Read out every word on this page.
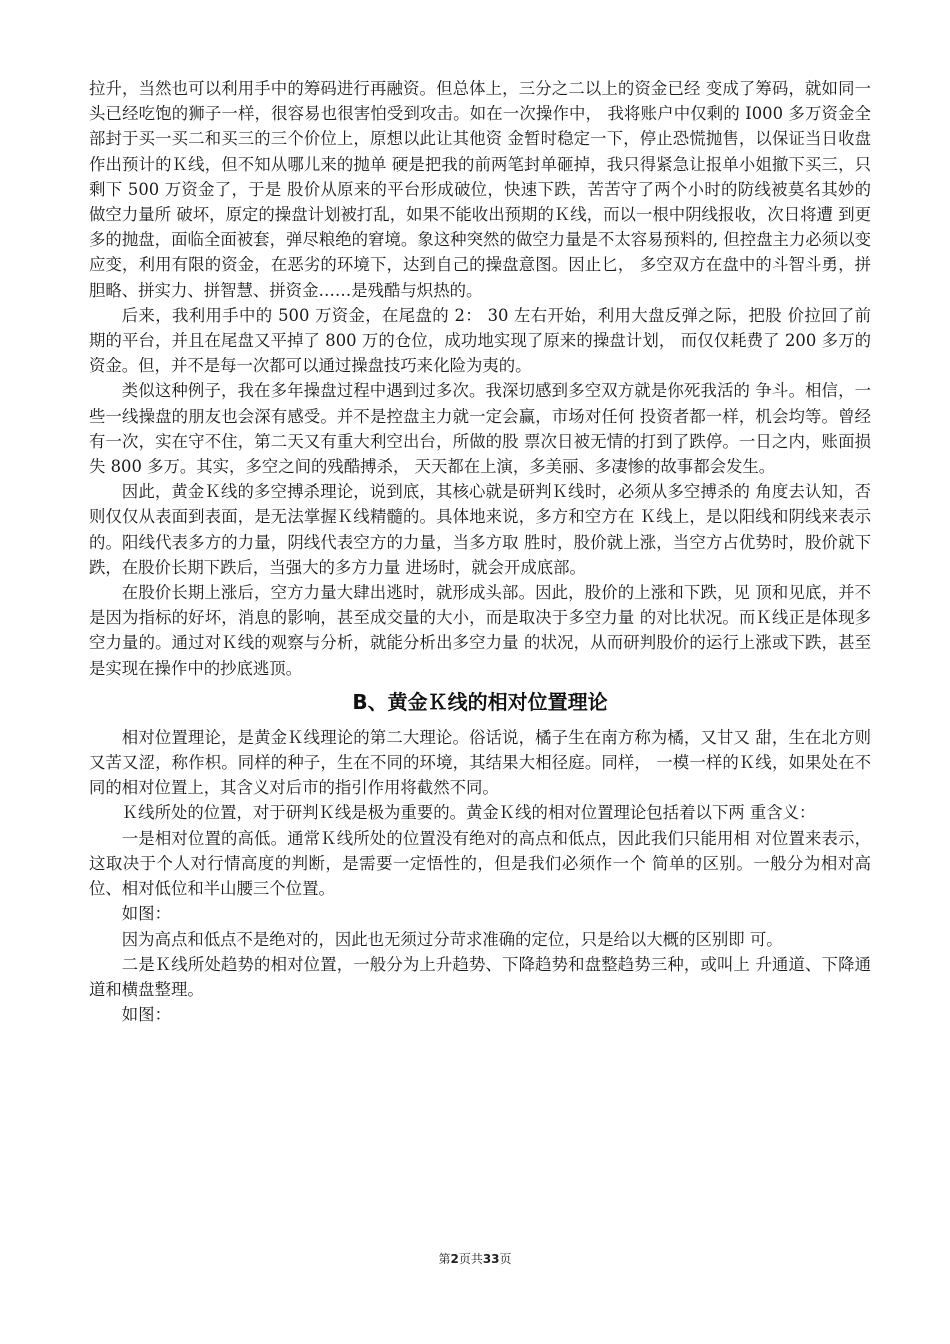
拉升，当然也可以利用手中的筹码进行再融资。但总体上，三分之二以上的资金已经 变成了筹码，就如同一头已经吃饱的狮子一样，很容易也很害怕受到攻击。如在一次操作中， 我将账户中仅剩的 I000 多万资金全部封于买一买二和买三的三个价位上，原想以此让其他资 金暂时稳定一下，停止恐慌抛售，以保证当日收盘作出预计的Ｋ线，但不知从哪儿来的抛单 硬是把我的前两笔封单砸掉，我只得紧急让报单小姐撤下买三，只剩下 500 万资金了，于是 股价从原来的平台形成破位，快速下跌，苦苦守了两个小时的防线被莫名其妙的做空力量所 破坏，原定的操盘计划被打乱，如果不能收出预期的Ｋ线，而以一根中阴线报收，次日将遭 到更多的抛盘，面临全面被套，弹尽粮绝的窘境。象这种突然的做空力量是不太容易预料的, 但控盘主力必须以变应变，利用有限的资金，在恶劣的环境下，达到自己的操盘意图。因止匕， 多空双方在盘中的斗智斗勇，拼胆略、拼实力、拼智慧、拼资金……是残酷与炽热的。

后来，我利用手中的 500 万资金，在尾盘的 2： 30 左右开始，利用大盘反弹之际，把股 价拉回了前期的平台，并且在尾盘又平掉了 800 万的仓位，成功地实现了原来的操盘计划， 而仅仅耗费了 200 多万的资金。但，并不是每一次都可以通过操盘技巧来化险为夷的。

类似这种例子，我在多年操盘过程中遇到过多次。我深切感到多空双方就是你死我活的 争斗。相信，一些一线操盘的朋友也会深有感受。并不是控盘主力就一定会赢，市场对任何 投资者都一样，机会均等。曾经有一次，实在守不住，第二天又有重大利空出台，所做的股 票次日被无情的打到了跌停。一日之内，账面损失 800 多万。其实，多空之间的残酷搏杀， 天天都在上演，多美丽、多凄惨的故事都会发生。

因此，黄金Ｋ线的多空搏杀理论，说到底，其核心就是研判Ｋ线时，必须从多空搏杀的 角度去认知，否则仅仅从表面到表面，是无法掌握Ｋ线精髓的。具体地来说，多方和空方在 Ｋ线上，是以阳线和阴线来表示的。阳线代表多方的力量，阴线代表空方的力量，当多方取 胜时，股价就上涨，当空方占优势时，股价就下跌，在股价长期下跌后，当强大的多方力量 进场时，就会开成底部。

在股价长期上涨后，空方力量大肆出逃时，就形成头部。因此，股价的上涨和下跌，见 顶和见底，并不是因为指标的好坏，消息的影响，甚至成交量的大小，而是取决于多空力量 的对比状况。而Ｋ线正是体现多空力量的。通过对Ｋ线的观察与分析，就能分析出多空力量 的状况，从而研判股价的运行上涨或下跌，甚至是实现在操作中的抄底逃顶。

B、黄金Ｋ线的相对位置理论

相对位置理论，是黄金Ｋ线理论的第二大理论。俗话说，橘子生在南方称为橘，又甘又 甜，生在北方则又苦又涩，称作枳。同样的种子，生在不同的环境，其结果大相径庭。同样， 一模一样的Ｋ线，如果处在不同的相对位置上，其含义对后市的指引作用将截然不同。

Ｋ线所处的位置，对于研判Ｋ线是极为重要的。黄金Ｋ线的相对位置理论包括着以下两 重含义：

一是相对位置的高低。通常Ｋ线所处的位置没有绝对的高点和低点，因此我们只能用相 对位置来表示，这取决于个人对行情高度的判断，是需要一定悟性的，但是我们必须作一个 简单的区别。一般分为相对高位、相对低位和半山腰三个位置。

如图：

因为高点和低点不是绝对的，因此也无须过分苛求准确的定位，只是给以大概的区别即 可。

二是Ｋ线所处趋势的相对位置，一般分为上升趋势、下降趋势和盘整趋势三种，或叫上 升通道、下降通道和横盘整理。

如图：

第2页共33页
